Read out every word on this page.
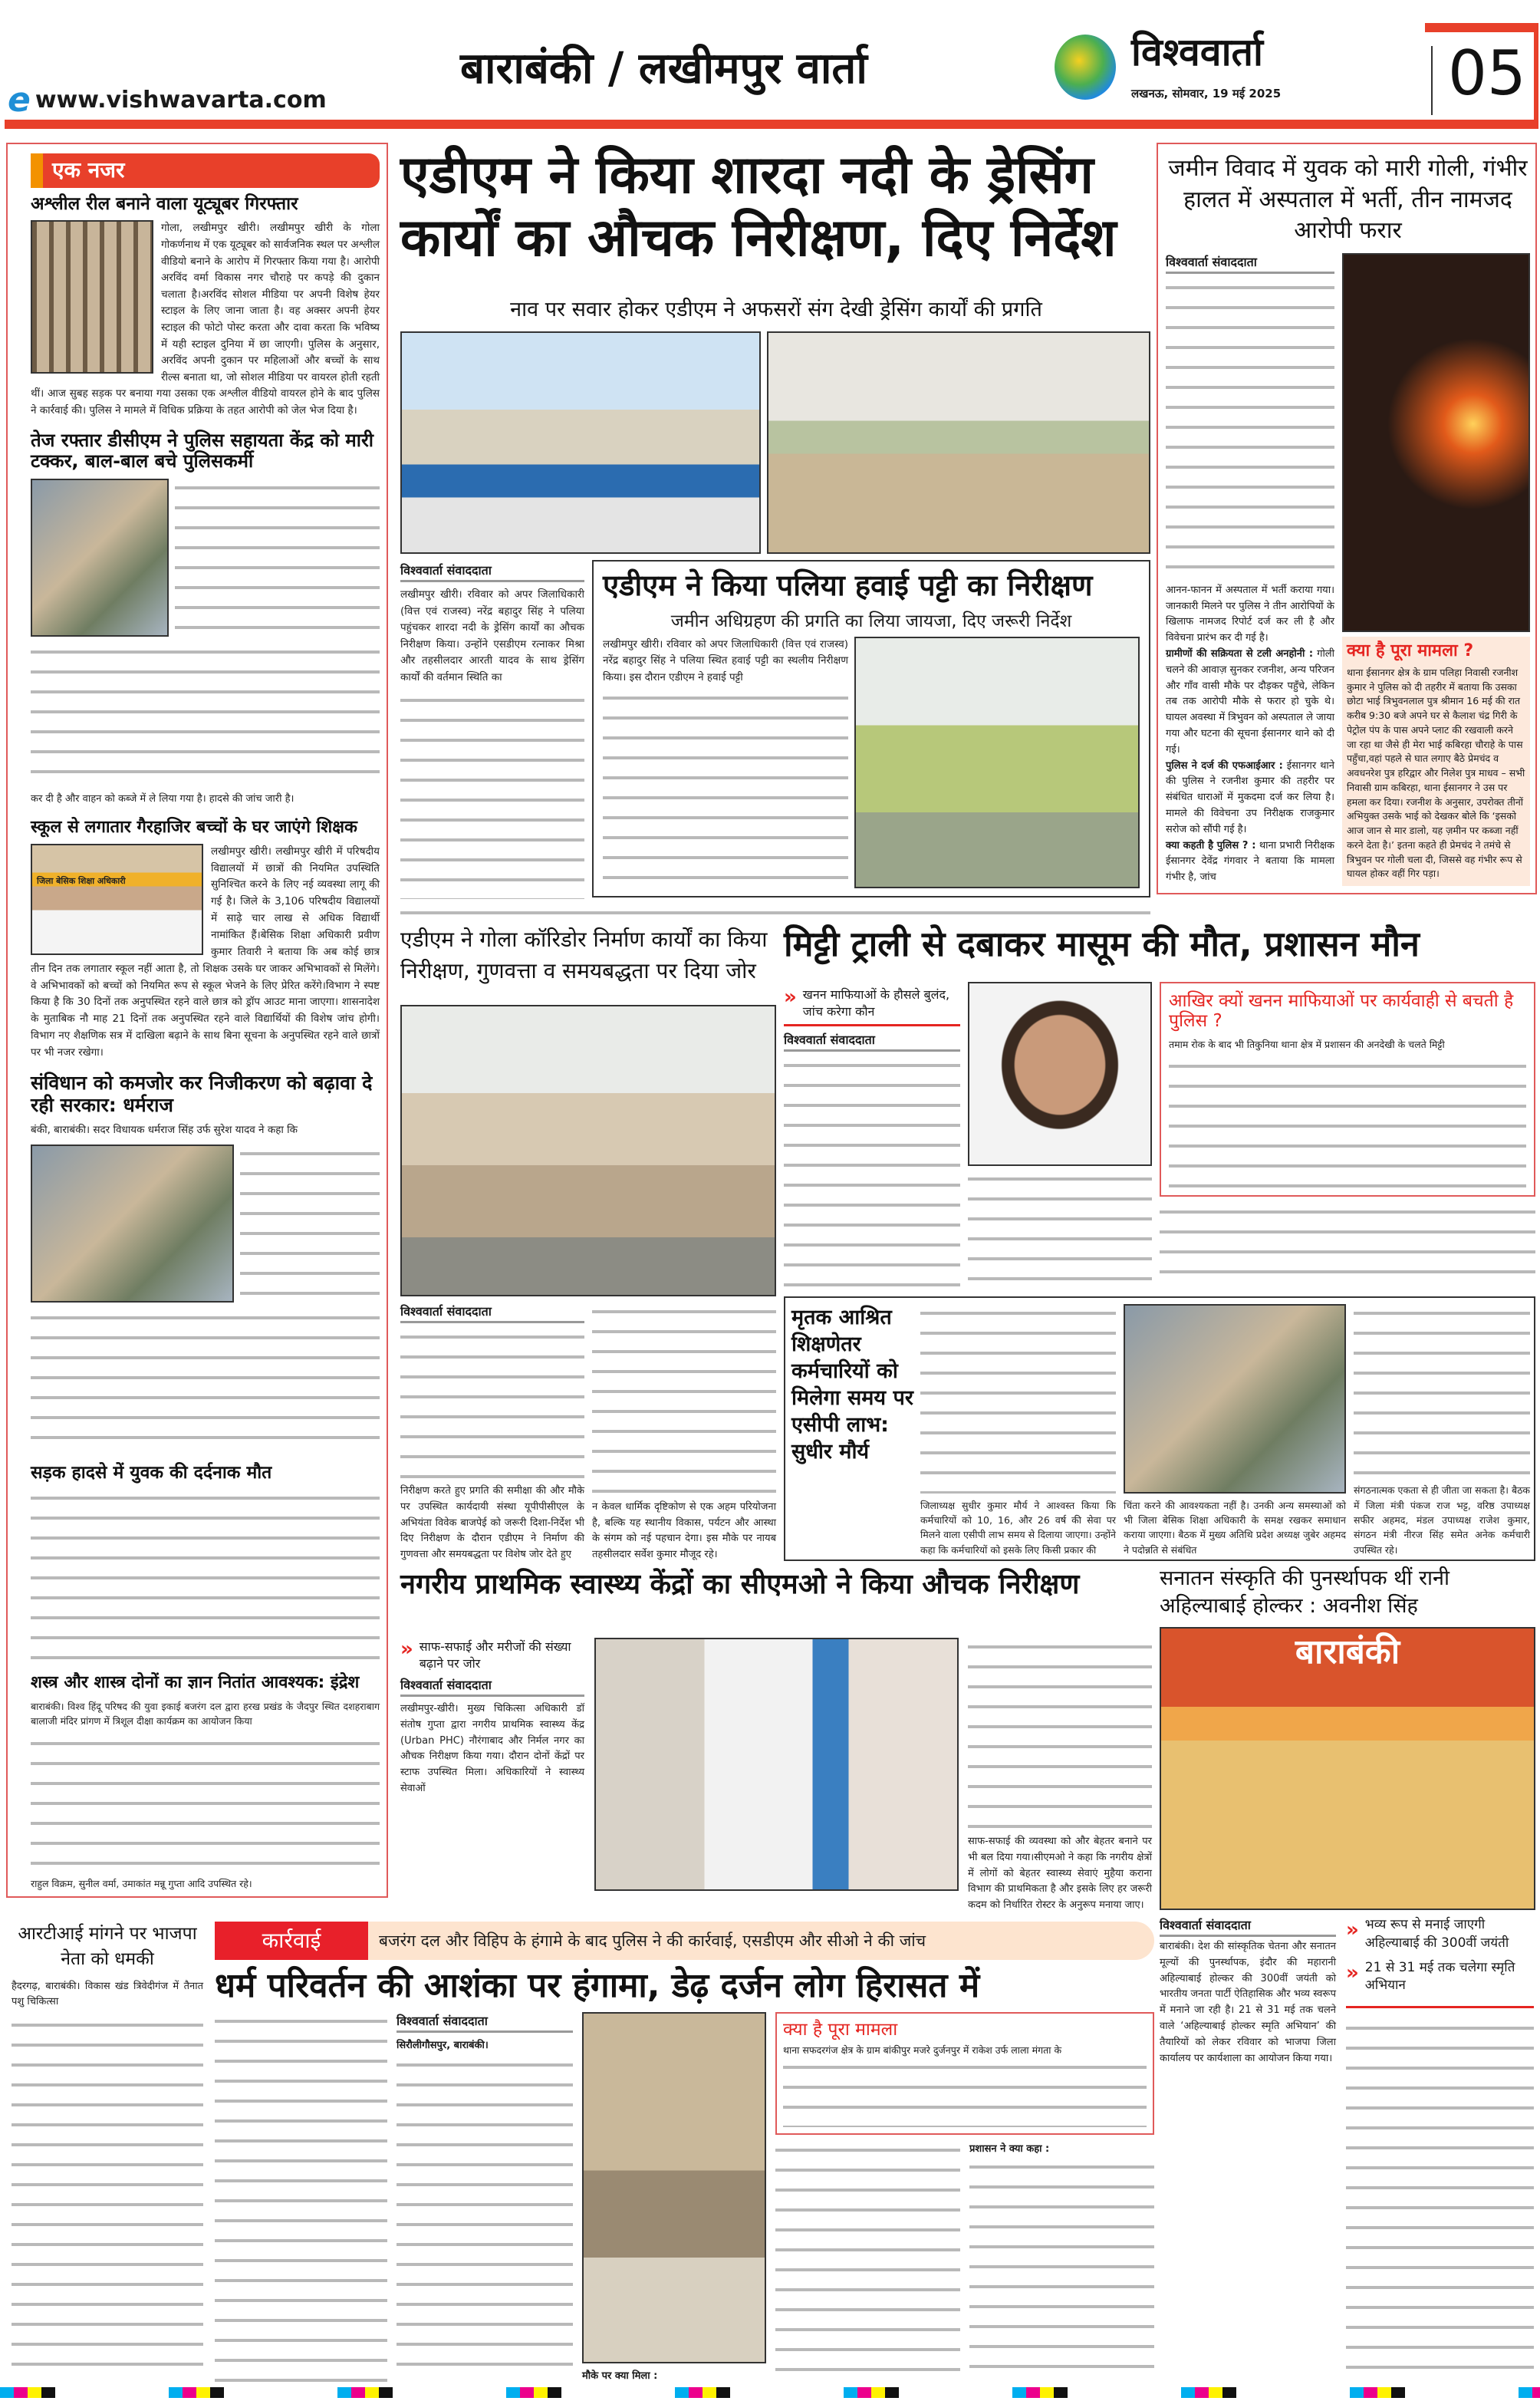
e www.vishwavarta.com
बाराबंकी / लखीमपुर वार्ता	विश्ववार्ता
लखनऊ, सोमवार, 19 मई 2025	05
एक नजर
अश्लील रील बनाने वाला यूट्यूबर गिरफ्तार
गोला, लखीमपुर खीरी। लखीमपुर खीरी के गोला गोकर्णनाथ में एक यूट्यूबर को सार्वजनिक स्थल पर अश्लील वीडियो बनाने के आरोप में गिरफ्तार किया गया है। आरोपी अरविंद वर्मा विकास नगर चौराहे पर कपड़े की दुकान चलाता है।अरविंद सोशल मीडिया पर अपनी विशेष हेयर स्टाइल के लिए जाना जाता है। वह अक्सर अपनी हेयर स्टाइल की फोटो पोस्ट करता और दावा करता कि भविष्य में यही स्टाइल दुनिया में छा जाएगी। पुलिस के अनुसार, अरविंद अपनी दुकान पर महिलाओं और बच्चों के साथ रील्स बनाता था, जो सोशल मीडिया पर वायरल होती रहती थीं। आज सुबह सड़क पर बनाया गया उसका एक अश्लील वीडियो वायरल होने के बाद पुलिस ने कार्रवाई की। पुलिस ने मामले में विधिक प्रक्रिया के तहत आरोपी को जेल भेज दिया है।
तेज रफ्तार डीसीएम ने पुलिस सहायता केंद्र को मारी टक्कर, बाल-बाल बचे पुलिसकर्मी
कर दी है और वाहन को कब्जे में ले लिया गया है। हादसे की जांच जारी है।
स्कूल से लगातार गैरहाजिर बच्चों के घर जाएंगे शिक्षक
जिला बेसिक शिक्षा अधिकारी
लखीमपुर खीरी। लखीमपुर खीरी में परिषदीय विद्यालयों में छात्रों की नियमित उपस्थिति सुनिश्चित करने के लिए नई व्यवस्था लागू की गई है। जिले के 3,106 परिषदीय विद्यालयों में साढ़े चार लाख से अधिक विद्यार्थी नामांकित हैं।बेसिक शिक्षा अधिकारी प्रवीण कुमार तिवारी ने बताया कि अब कोई छात्र तीन दिन तक लगातार स्कूल नहीं आता है, तो शिक्षक उसके घर जाकर अभिभावकों से मिलेंगे। वे अभिभावकों को बच्चों को नियमित रूप से स्कूल भेजने के लिए प्रेरित करेंगे।विभाग ने स्पष्ट किया है कि 30 दिनों तक अनुपस्थित रहने वाले छात्र को ड्रॉप आउट माना जाएगा। शासनादेश के मुताबिक नौ माह 21 दिनों तक अनुपस्थित रहने वाले विद्यार्थियों की विशेष जांच होगी। विभाग नए शैक्षणिक सत्र में दाखिला बढ़ाने के साथ बिना सूचना के अनुपस्थित रहने वाले छात्रों पर भी नजर रखेगा।
संविधान को कमजोर कर निजीकरण को बढ़ावा दे रही सरकार: धर्मराज
बंकी, बाराबंकी। सदर विधायक धर्मराज सिंह उर्फ सुरेश यादव ने कहा कि
सड़क हादसे में युवक की दर्दनाक मौत
शस्त्र और शास्त्र दोनों का ज्ञान नितांत आवश्यक: इंद्रेश
बाराबंकी। विश्व हिंदू परिषद की युवा इकाई बजरंग दल द्वारा हरख प्रखंड के जैदपुर स्थित दशहराबाग बालाजी मंदिर प्रांगण में त्रिशूल दीक्षा कार्यक्रम का आयोजन किया
राहुल विक्रम, सुनील वर्मा, उमाकांत मन्नू गुप्ता आदि उपस्थित रहे।
एडीएम ने किया शारदा नदी के ड्रेसिंग कार्यों का औचक निरीक्षण, दिए निर्देश
नाव पर सवार होकर एडीएम ने अफसरों संग देखी ड्रेसिंग कार्यों की प्रगति
विश्ववार्ता संवाददाता
लखीमपुर खीरी। रविवार को अपर जिलाधिकारी (वित्त एवं राजस्व) नरेंद्र बहादुर सिंह ने पलिया पहुंचकर शारदा नदी के ड्रेसिंग कार्यों का औचक निरीक्षण किया। उन्होंने एसडीएम रत्नाकर मिश्रा और तहसीलदार आरती यादव के साथ ड्रेसिंग कार्यों की वर्तमान स्थिति का
एडीएम ने किया पलिया हवाई पट्टी का निरीक्षण
जमीन अधिग्रहण की प्रगति का लिया जायजा, दिए जरूरी निर्देश
लखीमपुर खीरी। रविवार को अपर जिलाधिकारी (वित्त एवं राजस्व) नरेंद्र बहादुर सिंह ने पलिया स्थित हवाई पट्टी का स्थलीय निरीक्षण किया। इस दौरान एडीएम ने हवाई पट्टी
जमीन विवाद में युवक को मारी गोली, गंभीर हालत में अस्पताल में भर्ती, तीन नामजद आरोपी फरार
विश्ववार्ता संवाददाता

आनन-फानन में अस्पताल में भर्ती कराया गया। जानकारी मिलने पर पुलिस ने तीन आरोपियों के खिलाफ नामजद रिपोर्ट दर्ज कर ली है और विवेचना प्रारंभ कर दी गई है।

ग्रामीणों की सक्रियता से टली अनहोनी : गोली चलने की आवाज़ सुनकर रजनीश, अन्य परिजन और गाँव वासी मौके पर दौड़कर पहुँचे, लेकिन तब तक आरोपी मौके से फरार हो चुके थे। घायल अवस्था में त्रिभुवन को अस्पताल ले जाया गया और घटना की सूचना ईसानगर थाने को दी गई।

पुलिस ने दर्ज की एफआईआर : ईसानगर थाने की पुलिस ने रजनीश कुमार की तहरीर पर संबंधित धाराओं में मुकदमा दर्ज कर लिया है। मामले की विवेचना उप निरीक्षक राजकुमार सरोज को सौंपी गई है।

क्या कहती है पुलिस ? : थाना प्रभारी निरीक्षक ईसानगर देवेंद्र गंगवार ने बताया कि मामला गंभीर है, जांच

क्या है पूरा मामला ?
थाना ईसानगर क्षेत्र के ग्राम पलिहा निवासी रजनीश कुमार ने पुलिस को दी तहरीर में बताया कि उसका छोटा भाई त्रिभुवनलाल पुत्र श्रीमान 16 मई की रात करीब 9:30 बजे अपने घर से कैलाश चंद्र गिरी के पेट्रोल पंप के पास अपने प्लाट की रखवाली करने जा रहा था जैसे ही मेरा भाई कबिरहा चौराहे के पास पहुँचा,वहां पहले से घात लगाए बैठे प्रेमचंद व अवधनरेश पुत्र हरिद्वार और निलेश पुत्र माधव – सभी निवासी ग्राम कबिरहा, थाना ईसानगर ने उस पर हमला कर दिया। रजनीश के अनुसार, उपरोक्त तीनों अभियुक्त उसके भाई को देखकर बोले कि ‘इसको आज जान से मार डालो, यह ज़मीन पर कब्जा नहीं करने देता है।’ इतना कहते ही प्रेमचंद ने तमंचे से त्रिभुवन पर गोली चला दी, जिससे वह गंभीर रूप से घायल होकर वहीं गिर पड़ा।
एडीएम ने गोला कॉरिडोर निर्माण कार्यों का किया निरीक्षण, गुणवत्ता व समयबद्धता पर दिया जोर
विश्ववार्ता संवाददाता
निरीक्षण करते हुए प्रगति की समीक्षा की और मौके पर उपस्थित कार्यदायी संस्था यूपीपीसीएल के अभियंता विवेक बाजपेई को जरूरी दिशा-निर्देश भी दिए निरीक्षण के दौरान एडीएम ने निर्माण की गुणवत्ता और समयबद्धता पर विशेष जोर देते हुए
न केवल धार्मिक दृष्टिकोण से एक अहम परियोजना है, बल्कि यह स्थानीय विकास, पर्यटन और आस्था के संगम को नई पहचान देगा। इस मौके पर नायब तहसीलदार सर्वेश कुमार मौजूद रहे।
मिट्टी ट्राली से दबाकर मासूम की मौत, प्रशासन मौन
» खनन माफियाओं के हौसले बुलंद, जांच करेगा कौन
विश्ववार्ता संवाददाता
आखिर क्यों खनन माफियाओं पर कार्यवाही से बचती है पुलिस ?
तमाम रोक के बाद भी तिकुनिया थाना क्षेत्र में प्रशासन की अनदेखी के चलते मिट्टी
मृतक आश्रित शिक्षणेतर कर्मचारियों को मिलेगा समय पर एसीपी लाभ: सुधीर मौर्य
जिलाध्यक्ष सुधीर कुमार मौर्य ने आश्वस्त किया कि कर्मचारियों को 10, 16, और 26 वर्ष की सेवा पर मिलने वाला एसीपी लाभ समय से दिलाया जाएगा। उन्होंने कहा कि कर्मचारियों को इसके लिए किसी प्रकार की
चिंता करने की आवश्यकता नहीं है। उनकी अन्य समस्याओं को भी जिला बेसिक शिक्षा अधिकारी के समक्ष रखकर समाधान कराया जाएगा। बैठक में मुख्य अतिथि प्रदेश अध्यक्ष जुबेर अहमद ने पदोन्नति से संबंधित
संगठनात्मक एकता से ही जीता जा सकता है। बैठक में जिला मंत्री पंकज राज भट्ट, वरिष्ठ उपाध्यक्ष सफीर अहमद, मंडल उपाध्यक्ष राजेश कुमार, संगठन मंत्री नीरज सिंह समेत अनेक कर्मचारी उपस्थित रहे।
नगरीय प्राथमिक स्वास्थ्य केंद्रों का सीएमओ ने किया औचक निरीक्षण
» साफ-सफाई और मरीजों की संख्या बढ़ाने पर जोर
विश्ववार्ता संवाददाता
लखीमपुर-खीरी। मुख्य चिकित्सा अधिकारी डॉ संतोष गुप्ता द्वारा नगरीय प्राथमिक स्वास्थ्य केंद्र (Urban PHC) नौरंगाबाद और निर्मल नगर का औचक निरीक्षण किया गया। दौरान दोनों केंद्रों पर स्टाफ उपस्थित मिला। अधिकारियों ने स्वास्थ्य सेवाओं
साफ-सफाई की व्यवस्था को और बेहतर बनाने पर भी बल दिया गया।सीएमओ ने कहा कि नगरीय क्षेत्रों में लोगों को बेहतर स्वास्थ्य सेवाएं मुहैया कराना विभाग की प्राथमिकता है और इसके लिए हर जरूरी कदम को निर्धारित रोस्टर के अनुरूप मनाया जाए।
सनातन संस्कृति की पुनर्स्थापक थीं रानी अहिल्याबाई होल्कर : अवनीश सिंह
बाराबंकी
विश्ववार्ता संवाददाता
बाराबंकी। देश की सांस्कृतिक चेतना और सनातन मूल्यों की पुनर्स्थापक, इंदौर की महारानी अहिल्याबाई होल्कर की 300वीं जयंती को भारतीय जनता पार्टी ऐतिहासिक और भव्य स्वरूप में मनाने जा रही है। 21 से 31 मई तक चलने वाले ‘अहिल्याबाई होल्कर स्मृति अभियान’ की तैयारियों को लेकर रविवार को भाजपा जिला कार्यालय पर कार्यशाला का आयोजन किया गया।
» भव्य रूप से मनाई जाएगी अहिल्याबाई की 300वीं जयंती
» 21 से 31 मई तक चलेगा स्मृति अभियान
आरटीआई मांगने पर भाजपा नेता को धमकी
हैदरगढ़, बाराबंकी। विकास खंड त्रिवेदीगंज में तैनात पशु चिकित्सा
कार्रवाई	बजरंग दल और विहिप के हंगामे के बाद पुलिस ने की कार्रवाई, एसडीएम और सीओ ने की जांच
धर्म परिवर्तन की आशंका पर हंगामा, डेढ़ दर्जन लोग हिरासत में
विश्ववार्ता संवाददाता
सिरौलीगौसपुर, बाराबंकी।
मौके पर क्या मिला :
क्या है पूरा मामला
थाना सफदरगंज क्षेत्र के ग्राम बांकीपुर मजरे दुर्जनपुर में राकेश उर्फ लाला मंगता के
प्रशासन ने क्या कहा :
